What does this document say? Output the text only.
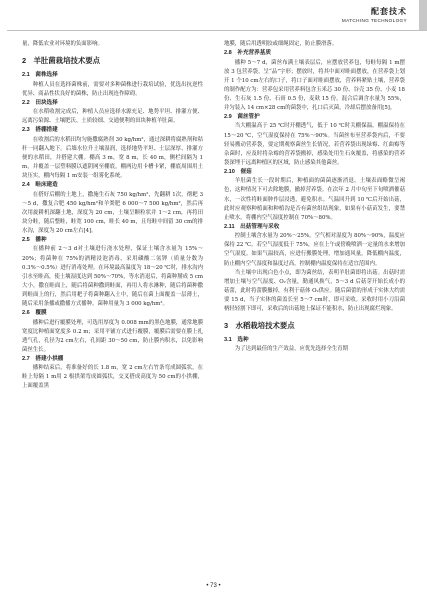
配套技术
MATCHING TECHNOLOGY

量，降低农业对环境的负面影响。

2　羊肚菌栽培技术要点
2.1　菌株选择

种植人员在选择菌株前，需要对多种菌株进行栽培试验，优选出抗逆性优异、商品性状良好的菌株，防止出现连作障碍。

2.2　田块选择

在水稻收割完成后，种植人员应选择水源充足、地势平坦、排灌方便、远离污染源、土壤肥沃、土质较细、交通便利的田块种植羊肚菌。

2.3　搭棚措建

在收割后的水稻田均匀施撒腐熟剂 30 kg/hm²，通过深耕将腐熟剂和秸秆一同翻入地下。后墙水位升土壤湿润，选择地势平坦、土层深厚、排灌方便的水稻田，并搭建大棚。棚高 3 m，宽 8 m，长 40 m，侧栏间隔为 1 m，并覆盖一层塑料膜以遮阴网至棚底，棚两边用卡槽卡紧，棚底周围用土块压实，棚内每隔 1 m安装一组雾化系统。

2.4　畦床建造

在搭好后棚的土地上，撒施生石灰 750 kg/hm²，先翻耕 1次，彻耙 3～5 d，撒复合肥 450 kg/hm²和羊粪肥 6 000～7 500 kg/hm²，然后再次用旋耕机深翻土地，深度为 20 cm，土壤呈颗粒状并 1～2 cm，再将田块分畦，随后整畦，畦宽 100 cm，畦长 40 m，且每畦中间留 30 cm的排水沟，深度为 20 cm左右[4]。

2.5　播种

在播种前 2～3 d对土壤进行浇水处理，保证土壤含水量为 15%～20%；将菌种在 75%的酒精浸泡消毒，采用磷酸二氢钾（质量分数为 0.3%～0.5%）进行消毒处理。在环境最高温度为 18～20 ℃时，排水沟内引水至畦高，使土壤湿度达到 50%～70%，等水消退后，将菌种掰成 5 cm大小，撒在畦面上，随后将菌种撒到畦面，再用人将水淋种，随后将菌种撒到畦面上的行，然后用耙子将菌种翻入土中，随后在菌上面覆盖一层薄土，随后采用条播或撒播方式播种，菌种用量为 3 000 kg/hm²。

2.6　覆膜

播种后进行覆膜处理，可选用厚度为 0.008 mm的黑色地膜，通常地膜宽度比种植面宽度多 0.2 m；采用平铺方式进行覆膜，覆膜后需要在膜上扎透气孔，孔径为2 cm左右，孔间距 30～50 cm，防止膜内积水，以免影响菌丝生长。

2.7　搭建小拱棚

播种结束后，将准备好的长 1.8 m，宽 2 cm左右竹条弯成圆弧状，在畦上每隔 1 m用 2 根拱架弯成圆弧状，交叉搭成高度为 50 cm的小拱棚，上面覆盖黑

地膜，随后用透明胶或细绳固定，防止膜滑落。

2.8　补充营养基质

播种 5～7 d，菌丝布满土壤表层后，应摆放营养包，每畦每隔 1 m摆放 3 包营养袋，呈“品”字形；摆放时，将其中面对畦面摆放，在营养袋上划开 1 个10 cm左右的口子，将口子面对畦面摆放，营养料紧贴土壤，营养袋的制作配方为：营养包采用营养料包含玉米芯 30 份、谷壳 35 份、小麦 18 份、生石灰 1.5 份、石膏 0.5 份，麦麸 15 份，混合后调含水量为 55%，并匀装入 14 cm×28 cm的菌袋中，扎口后灭菌，冷却后摆放备用[5]。

2.9　菌丝管护

当大棚温高于 25 ℃时开棚透气，低于 10 ℃时关棚保温，棚温保持在 15～20 ℃，空气湿度保持在 75%～90%。当菌丝布至营养袋内后，不要轻易搬动营养袋，要定期观察菌丝生长情况，若营养袋出现绿霉、红曲霉等杂菌时，应及时将杂霉的营养袋搬掉，感染处用生石灰覆盖，将感染的营养袋深埋于远离种植区的区域，防止感染其他菌丝。

2.10　催菇

羊肚菌生长一段时期后，种植面的菌菌逐渐消退，土壤表面略微呈褐色，这种情况下可去除地膜，撤掉营养袋。在次年 2 月中旬至下旬喷洒催菇水，一次性将畦面肿作层浸透，避免积水。气温回升到 10 ℃后开始出菇，此时应观察种植面和种植沟是否有菌丝组结现象，如果有小菇苗发生，要禁止喷水，将棚内空气湿度控制在 70%～80%。

2.11　出菇管理与采收

控制土壤含水量为 20%～25%，空气相对湿度为 80%～90%，温度应保持 22 ℃。若空气湿度低于 75%，应在上午或傍晚喷洒一定量的水来增加空气湿度。如果气温较高，应进行搬膜处理，增加通风量，降低棚内温度，防止棚内空气湿度和温度过高，控制棚内温度保持在适宜范围内。

当土壤中出现白色小点，即为菌丝结，表明羊肚菌即将出菇。出菇时需增加土壤与空气湿度、O₂含量，勤通风换气，5～3 d 后菇芽开始长成小的菇蕾，此时将蕾膜撤掉，有利于菇体 O₂供应。随后菌蕾的形成于实体大约需要 15 d，当子实体的菌盖长至 5～7 cm时，即可采收。采收时用小刀沿菌柄轻轻割下即可，采收后的出菇地上保证不能积水，防止出现腐烂现象。

3　水稻栽培技术要点
3.1　选种

为了达到最佳的生产效益，应优先选择全生育期

• 73 •
